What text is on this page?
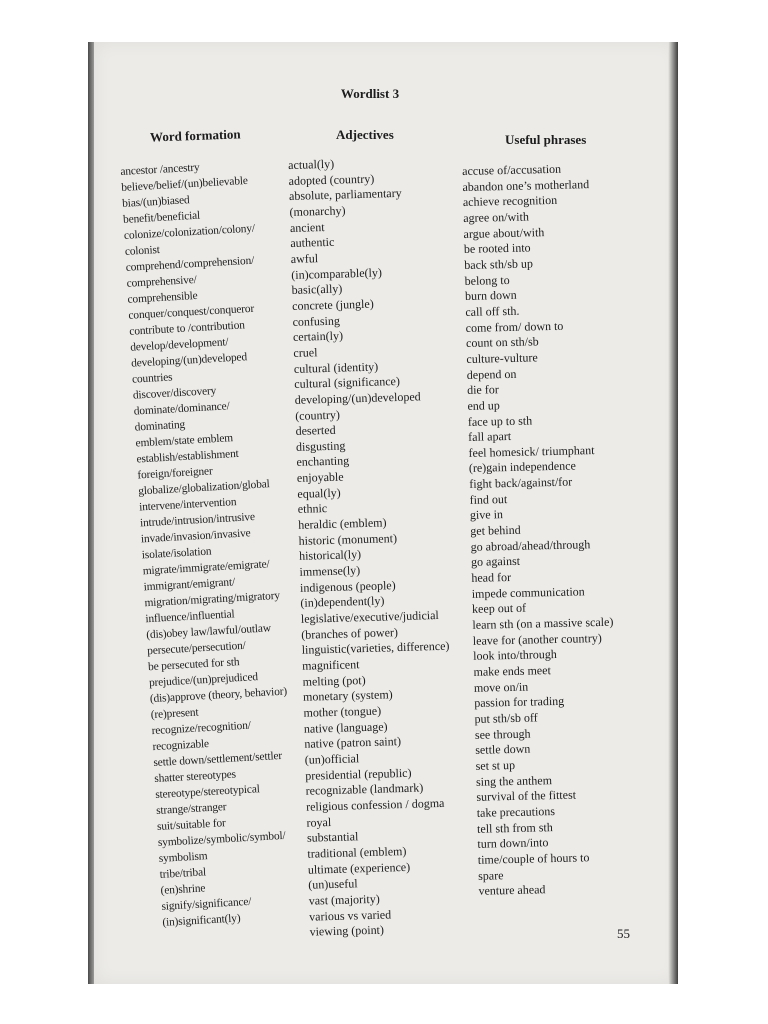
Wordlist 3
Word formation	Adjectives	Useful phrases
ancestor /ancestry
believe/belief/(un)believable
bias/(un)biased
benefit/beneficial
colonize/colonization/colony/
colonist
comprehend/comprehension/
comprehensive/
comprehensible
conquer/conquest/conqueror
contribute to /contribution
develop/development/
developing/(un)developed
countries
discover/discovery
dominate/dominance/
dominating
emblem/state emblem
establish/establishment
foreign/foreigner
globalize/globalization/global
intervene/intervention
intrude/intrusion/intrusive
invade/invasion/invasive
isolate/isolation
migrate/immigrate/emigrate/
immigrant/emigrant/
migration/migrating/migratory
influence/influential
(dis)obey law/lawful/outlaw
persecute/persecution/
be persecuted for sth
prejudice/(un)prejudiced
(dis)approve (theory, behavior)
(re)present
recognize/recognition/
recognizable
settle down/settlement/settler
shatter stereotypes
stereotype/stereotypical
strange/stranger
suit/suitable for
symbolize/symbolic/symbol/
symbolism
tribe/tribal
(en)shrine
signify/significance/
(in)significant(ly)
actual(ly)
adopted (country)
absolute, parliamentary
(monarchy)
ancient
authentic
awful
(in)comparable(ly)
basic(ally)
concrete (jungle)
confusing
certain(ly)
cruel
cultural (identity)
cultural (significance)
developing/(un)developed
(country)
deserted
disgusting
enchanting
enjoyable
equal(ly)
ethnic
heraldic (emblem)
historic (monument)
historical(ly)
immense(ly)
indigenous (people)
(in)dependent(ly)
legislative/executive/judicial
(branches of power)
linguistic(varieties, difference)
magnificent
melting (pot)
monetary (system)
mother (tongue)
native (language)
native (patron saint)
(un)official
presidential (republic)
recognizable (landmark)
religious confession / dogma
royal
substantial
traditional (emblem)
ultimate (experience)
(un)useful
vast (majority)
various vs varied
viewing (point)
accuse of/accusation
abandon one’s motherland
achieve recognition
agree on/with
argue about/with
be rooted into
back sth/sb up
belong to
burn down
call off sth.
come from/ down to
count on sth/sb
culture-vulture
depend on
die for
end up
face up to sth
fall apart
feel homesick/ triumphant
(re)gain independence
fight back/against/for
find out
give in
get behind
go abroad/ahead/through
go against
head for
impede communication
keep out of
learn sth (on a massive scale)
leave for (another country)
look into/through
make ends meet
move on/in
passion for trading
put sth/sb off
see through
settle down
set st up
sing the anthem
survival of the fittest
take precautions
tell sth from sth
turn down/into
time/couple of hours to
spare
venture ahead
55
